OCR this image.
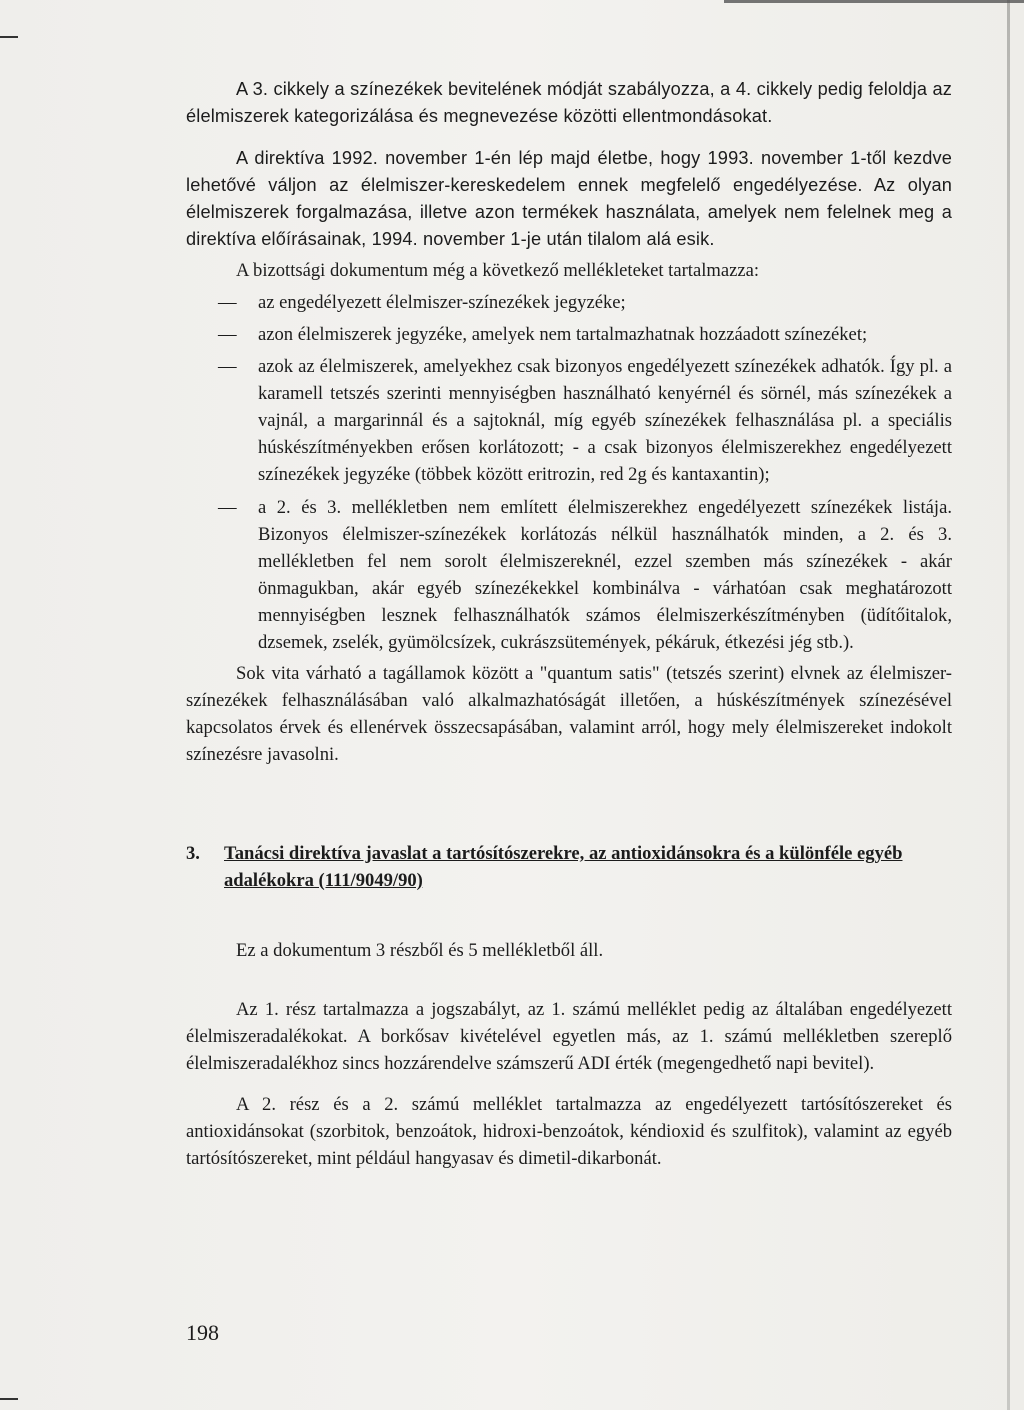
A 3. cikkely a színezékek bevitelének módját szabályozza, a 4. cikkely pedig feloldja az élelmiszerek kategorizálása és megnevezése közötti ellentmondásokat.

A direktíva 1992. november 1-én lép majd életbe, hogy 1993. november 1-től kezdve lehetővé váljon az élelmiszer-kereskedelem ennek megfelelő engedélyezése. Az olyan élelmiszerek forgalmazása, illetve azon termékek használata, amelyek nem felelnek meg a direktíva előírásainak, 1994. november 1-je után tilalom alá esik.

A bizottsági dokumentum még a következő mellékleteket tartalmazza:

— az engedélyezett élelmiszer-színezékek jegyzéke;

— azon élelmiszerek jegyzéke, amelyek nem tartalmazhatnak hozzáadott színezéket;

— azok az élelmiszerek, amelyekhez csak bizonyos engedélyezett színezékek adhatók. Így pl. a karamell tetszés szerinti mennyiségben használható kenyérnél és sörnél, más színezékek a vajnál, a margarinnál és a sajtoknál, míg egyéb színezékek felhasználása pl. a speciális húskészítményekben erősen korlátozott; - a csak bizonyos élelmiszerekhez engedélyezett színezékek jegyzéke (többek között eritrozin, red 2g és kantaxantin);

— a 2. és 3. mellékletben nem említett élelmiszerekhez engedélyezett színezékek listája. Bizonyos élelmiszer-színezékek korlátozás nélkül használhatók minden, a 2. és 3. mellékletben fel nem sorolt élelmiszereknél, ezzel szemben más színezékek - akár önmagukban, akár egyéb színezékekkel kombinálva - várhatóan csak meghatározott mennyiségben lesznek felhasználhatók számos élelmiszerkészítményben (üdítőitalok, dzsemek, zselék, gyümölcsízek, cukrászsütemények, pékáruk, étkezési jég stb.).

Sok vita várható a tagállamok között a "quantum satis" (tetszés szerint) elvnek az élelmiszer-színezékek felhasználásában való alkalmazhatóságát illetően, a húskészítmények színezésével kapcsolatos érvek és ellenérvek összecsapásában, valamint arról, hogy mely élelmiszereket indokolt színezésre javasolni.

3. Tanácsi direktíva javaslat a tartósítószerekre, az antioxidánsokra és a különféle egyéb adalékokra (111/9049/90)

Ez a dokumentum 3 részből és 5 mellékletből áll.

Az 1. rész tartalmazza a jogszabályt, az 1. számú melléklet pedig az általában engedélyezett élelmiszeradalékokat. A borkősav kivételével egyetlen más, az 1. számú mellékletben szereplő élelmiszeradalékhoz sincs hozzárendelve számszerű ADI érték (megengedhető napi bevitel).

A 2. rész és a 2. számú melléklet tartalmazza az engedélyezett tartósítószereket és antioxidánsokat (szorbitok, benzoátok, hidroxi-benzoátok, kéndioxid és szulfitok), valamint az egyéb tartósítószereket, mint például hangyasav és dimetil-dikarbonát.

198
